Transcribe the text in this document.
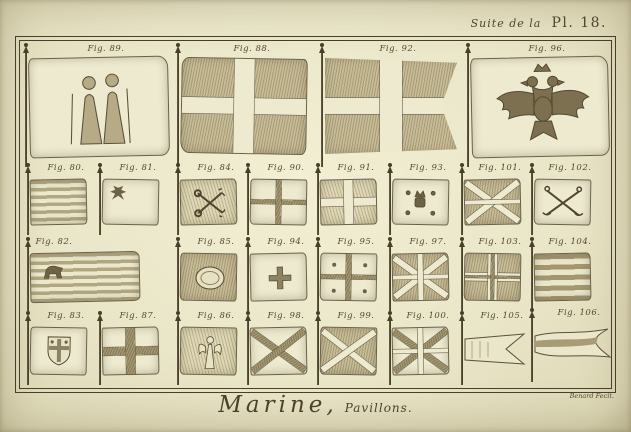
Suite de la Pl. 18.
Fig. 89.	Fig. 88.	Fig. 92.	Fig. 96.
Fig. 80.	Fig. 81.	Fig. 84.	Fig. 90.	Fig. 91.	Fig. 93.	Fig. 101.	Fig. 102.
Fig. 82.	Fig. 85.	Fig. 94.	Fig. 95.	Fig. 97.	Fig. 103.	Fig. 104.
Fig. 83.	Fig. 87.	Fig. 86.	Fig. 98.	Fig. 99.	Fig. 100.	Fig. 105.	Fig. 106.
Marine, Pavillons.
Benard Fecit.
